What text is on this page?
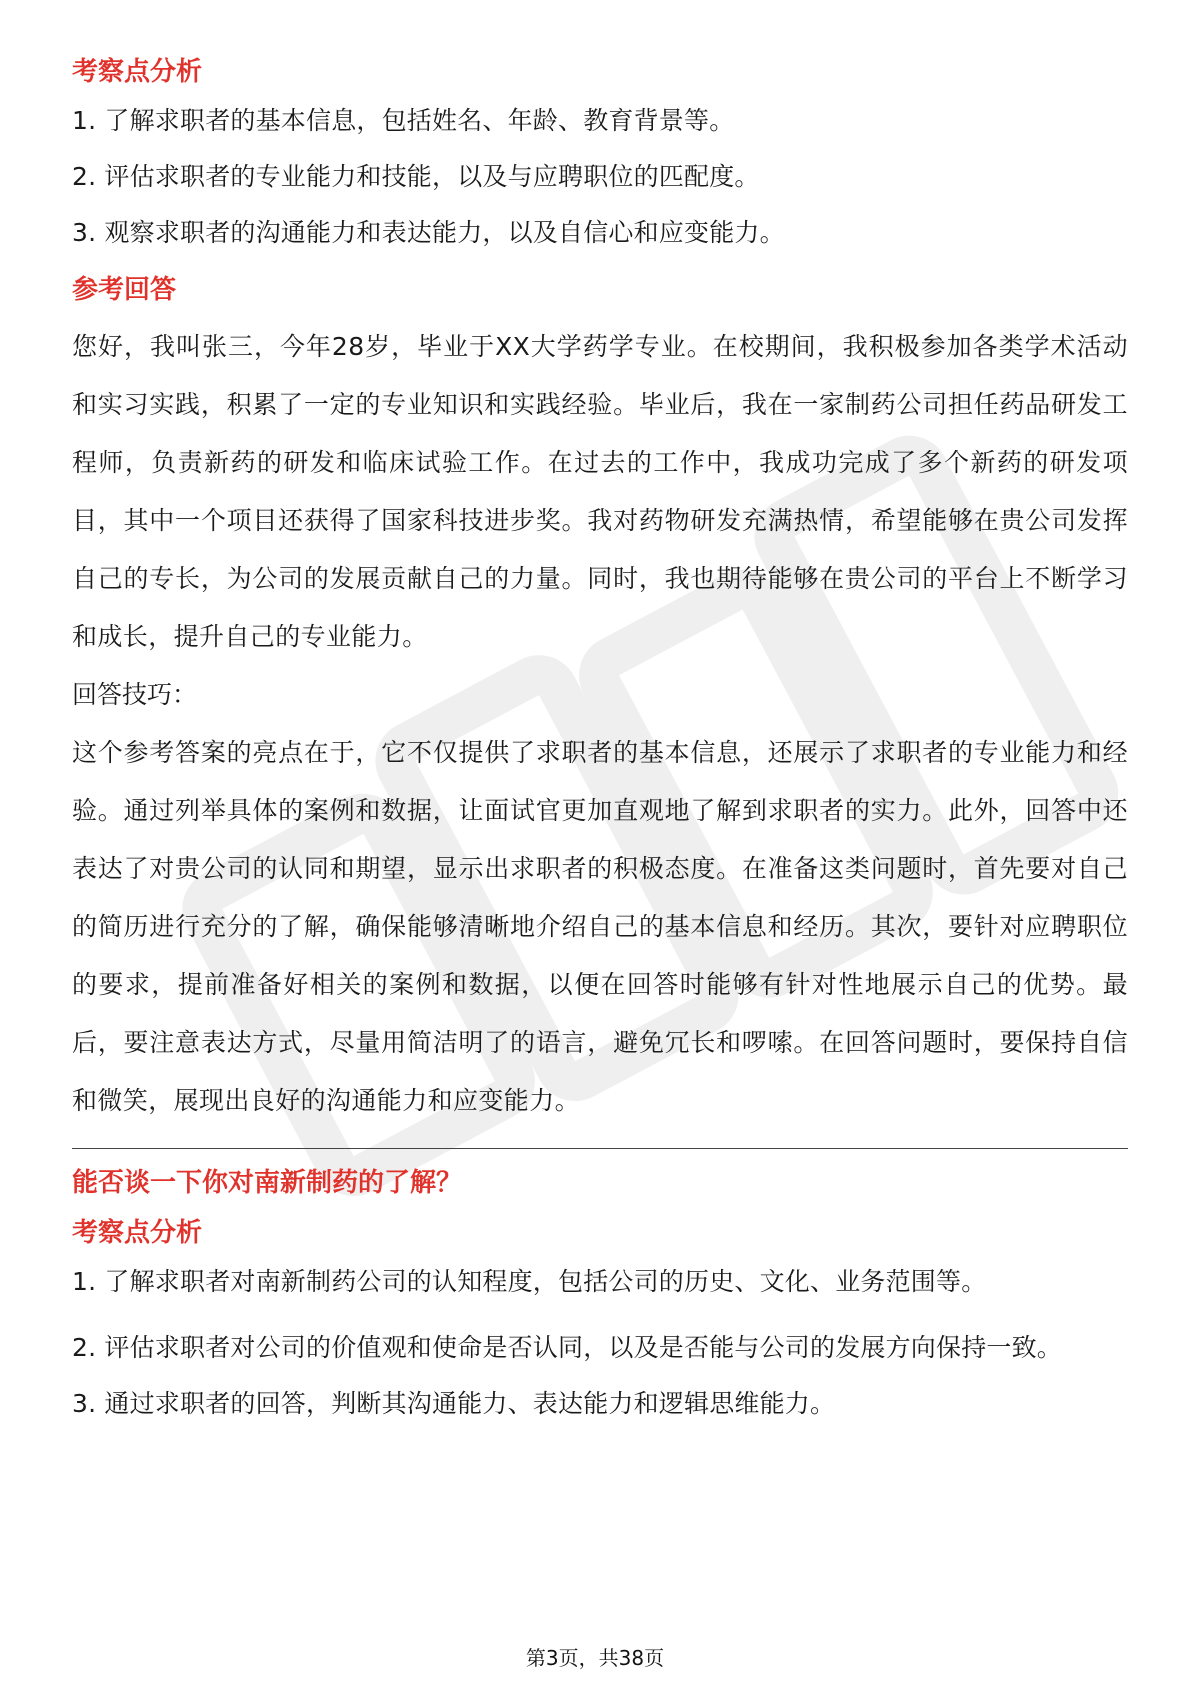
考察点分析

1. 了解求职者的基本信息，包括姓名、年龄、教育背景等。

2. 评估求职者的专业能力和技能，以及与应聘职位的匹配度。

3. 观察求职者的沟通能力和表达能力，以及自信心和应变能力。

参考回答

您好，我叫张三，今年28岁，毕业于XX大学药学专业。在校期间，我积极参加各类学术活动和实习实践，积累了一定的专业知识和实践经验。毕业后，我在一家制药公司担任药品研发工程师，负责新药的研发和临床试验工作。在过去的工作中，我成功完成了多个新药的研发项目，其中一个项目还获得了国家科技进步奖。我对药物研发充满热情，希望能够在贵公司发挥自己的专长，为公司的发展贡献自己的力量。同时，我也期待能够在贵公司的平台上不断学习和成长，提升自己的专业能力。

回答技巧：

这个参考答案的亮点在于，它不仅提供了求职者的基本信息，还展示了求职者的专业能力和经验。通过列举具体的案例和数据，让面试官更加直观地了解到求职者的实力。此外，回答中还表达了对贵公司的认同和期望，显示出求职者的积极态度。在准备这类问题时，首先要对自己的简历进行充分的了解，确保能够清晰地介绍自己的基本信息和经历。其次，要针对应聘职位的要求，提前准备好相关的案例和数据，以便在回答时能够有针对性地展示自己的优势。最后，要注意表达方式，尽量用简洁明了的语言，避免冗长和啰嗦。在回答问题时，要保持自信和微笑，展现出良好的沟通能力和应变能力。

能否谈一下你对南新制药的了解？

考察点分析

1. 了解求职者对南新制药公司的认知程度，包括公司的历史、文化、业务范围等。

2. 评估求职者对公司的价值观和使命是否认同，以及是否能与公司的发展方向保持一致。

3. 通过求职者的回答，判断其沟通能力、表达能力和逻辑思维能力。

第3页，共38页
